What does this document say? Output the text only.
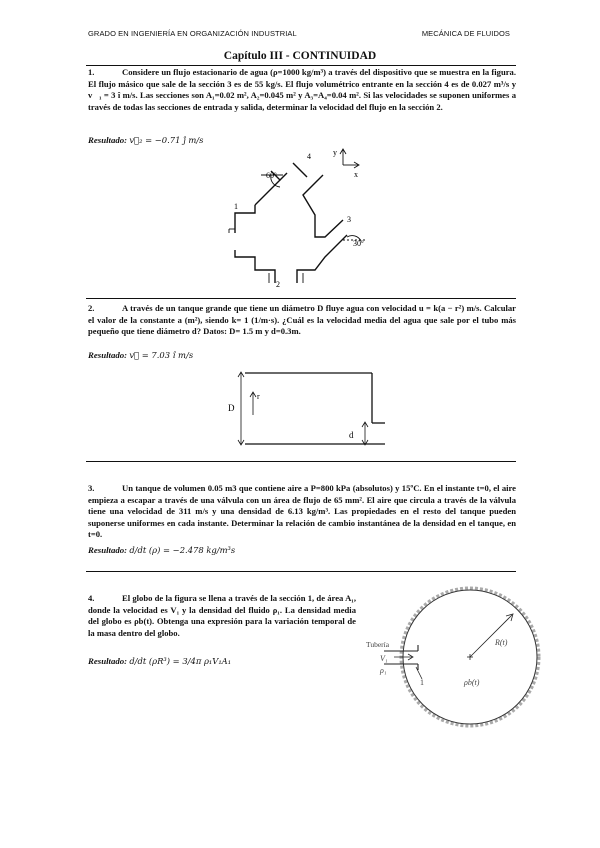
GRADO EN INGENIERÍA EN ORGANIZACIÓN INDUSTRIAL	MECÁNICA DE FLUIDOS
Capítulo III - CONTINUIDAD
1.	Considere un flujo estacionario de agua (ρ=1000 kg/m³) a través del dispositivo que se muestra en la figura. El flujo másico que sale de la sección 3 es de 55 kg/s. El flujo volumétrico entrante en la sección 4 es de 0.027 m³/s y v⃗₁ = 3 î m/s. Las secciones son A₁=0.02 m², A₂=0.045 m² y A₃=A₄=0.04 m². Si las velocidades se suponen uniformes a través de todas las secciones de entrada y salida, determinar la velocidad del flujo en la sección 2.
Resultado: v⃗₂ = −0.71 ĵ m/s
60º
4	y
x
1
3
30º
2
2.	A través de un tanque grande que tiene un diámetro D fluye agua con velocidad u = k(a − r²) m/s. Calcular el valor de la constante a (m²), siendo k= 1 (1/m·s). ¿Cuál es la velocidad media del agua que sale por el tubo más pequeño que tiene diámetro d? Datos: D= 1.5 m y d=0.3m.
Resultado: v⃗ = 7.03 î m/s
r
D
d
3.	Un tanque de volumen 0.05 m3 que contiene aire a P=800 kPa (absolutos) y 15ºC. En el instante t=0, el aire empieza a escapar a través de una válvula con un área de flujo de 65 mm². El aire que circula a través de la válvula tiene una velocidad de 311 m/s y una densidad de 6.13 kg/m³. Las propiedades en el resto del tanque pueden suponerse uniformes en cada instante. Determinar la relación de cambio instantánea de la densidad en el tanque, en t=0.
Resultado: d/dt (ρ) = −2.478 kg/m³s
4.	El globo de la figura se llena a través de la sección 1, de área A₁, donde la velocidad es V₁ y la densidad del fluido ρ₁. La densidad media del globo es ρb(t). Obtenga una expresión para la variación temporal de la masa dentro del globo.
Resultado: d/dt (ρR³) = 3/4π ρ₁V₁A₁
Tubería
V₁
ρ₁
1
R(t)
ρb(t)
